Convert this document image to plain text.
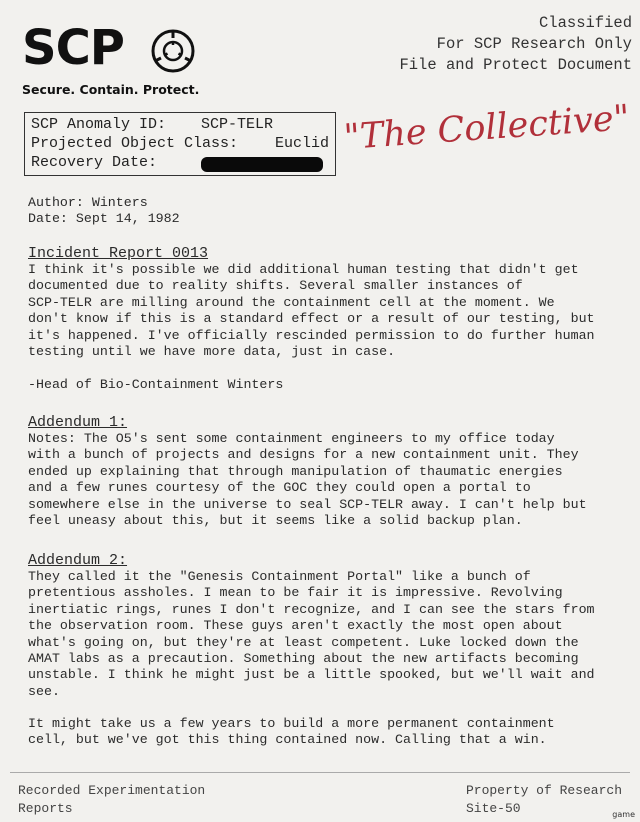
SCP
Secure. Contain. Protect.
Classified
For SCP Research Only
File and Protect Document
SCP Anomaly ID: SCP-TELR
Projected Object Class: Euclid
Recovery Date:
"The Collective"
Author: Winters
Date: Sept 14, 1982
Incident Report 0013
I think it's possible we did additional human testing that didn't get
documented due to reality shifts. Several smaller instances of
SCP-TELR are milling around the containment cell at the moment. We
don't know if this is a standard effect or a result of our testing, but
it's happened. I've officially rescinded permission to do further human
testing until we have more data, just in case.
-Head of Bio-Containment Winters
Addendum 1:
Notes: The O5's sent some containment engineers to my office today
with a bunch of projects and designs for a new containment unit. They
ended up explaining that through manipulation of thaumatic energies
and a few runes courtesy of the GOC they could open a portal to
somewhere else in the universe to seal SCP-TELR away. I can't help but
feel uneasy about this, but it seems like a solid backup plan.
Addendum 2:
They called it the "Genesis Containment Portal" like a bunch of
pretentious assholes. I mean to be fair it is impressive. Revolving
inertiatic rings, runes I don't recognize, and I can see the stars from
the observation room. These guys aren't exactly the most open about
what's going on, but they're at least competent. Luke locked down the
AMAT labs as a precaution. Something about the new artifacts becoming
unstable. I think he might just be a little spooked, but we'll wait and
see.
It might take us a few years to build a more permanent containment
cell, but we've got this thing contained now. Calling that a win.
Recorded Experimentation
Reports
Property of Research
Site-50	game
